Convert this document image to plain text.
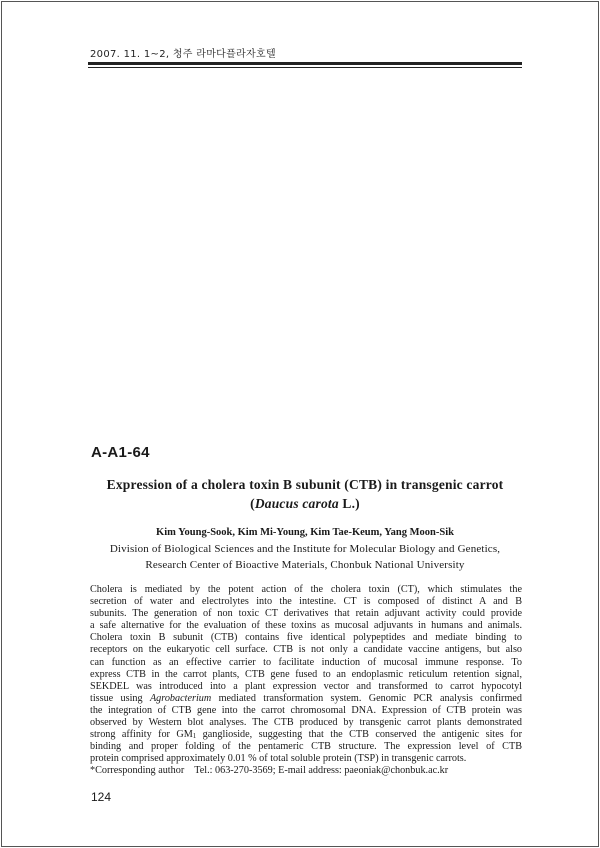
2007. 11. 1~2, 청주 라마다플라자호텔
A-A1-64
Expression of a cholera toxin B subunit (CTB) in transgenic carrot
(Daucus carota L.)
Kim Young-Sook, Kim Mi-Young, Kim Tae-Keum, Yang Moon-Sik
Division of Biological Sciences and the Institute for Molecular Biology and Genetics,
Research Center of Bioactive Materials, Chonbuk National University
Cholera is mediated by the potent action of the cholera toxin (CT), which stimulates the
secretion of water and electrolytes into the intestine. CT is composed of distinct A and B
subunits. The generation of non toxic CT derivatives that retain adjuvant activity could provide
a safe alternative for the evaluation of these toxins as mucosal adjuvants in humans and animals.
Cholera toxin B subunit (CTB) contains five identical polypeptides and mediate binding to
receptors on the eukaryotic cell surface. CTB is not only a candidate vaccine antigens, but also
can function as an effective carrier to facilitate induction of mucosal immune response. To
express CTB in the carrot plants, CTB gene fused to an endoplasmic reticulum retention signal,
SEKDEL was introduced into a plant expression vector and transformed to carrot hypocotyl
tissue using Agrobacterium mediated transformation system. Genomic PCR analysis confirmed
the integration of CTB gene into the carrot chromosomal DNA. Expression of CTB protein was
observed by Western blot analyses. The CTB produced by transgenic carrot plants demonstrated
strong affinity for $GM_1$ ganglioside, suggesting that the CTB conserved the antigenic sites for
binding and proper folding of the pentameric CTB structure. The expression level of CTB
protein comprised approximately 0.01 % of total soluble protein (TSP) in transgenic carrots.
*Corresponding author    Tel.: 063-270-3569; E-mail address: paeoniak@chonbuk.ac.kr
124
